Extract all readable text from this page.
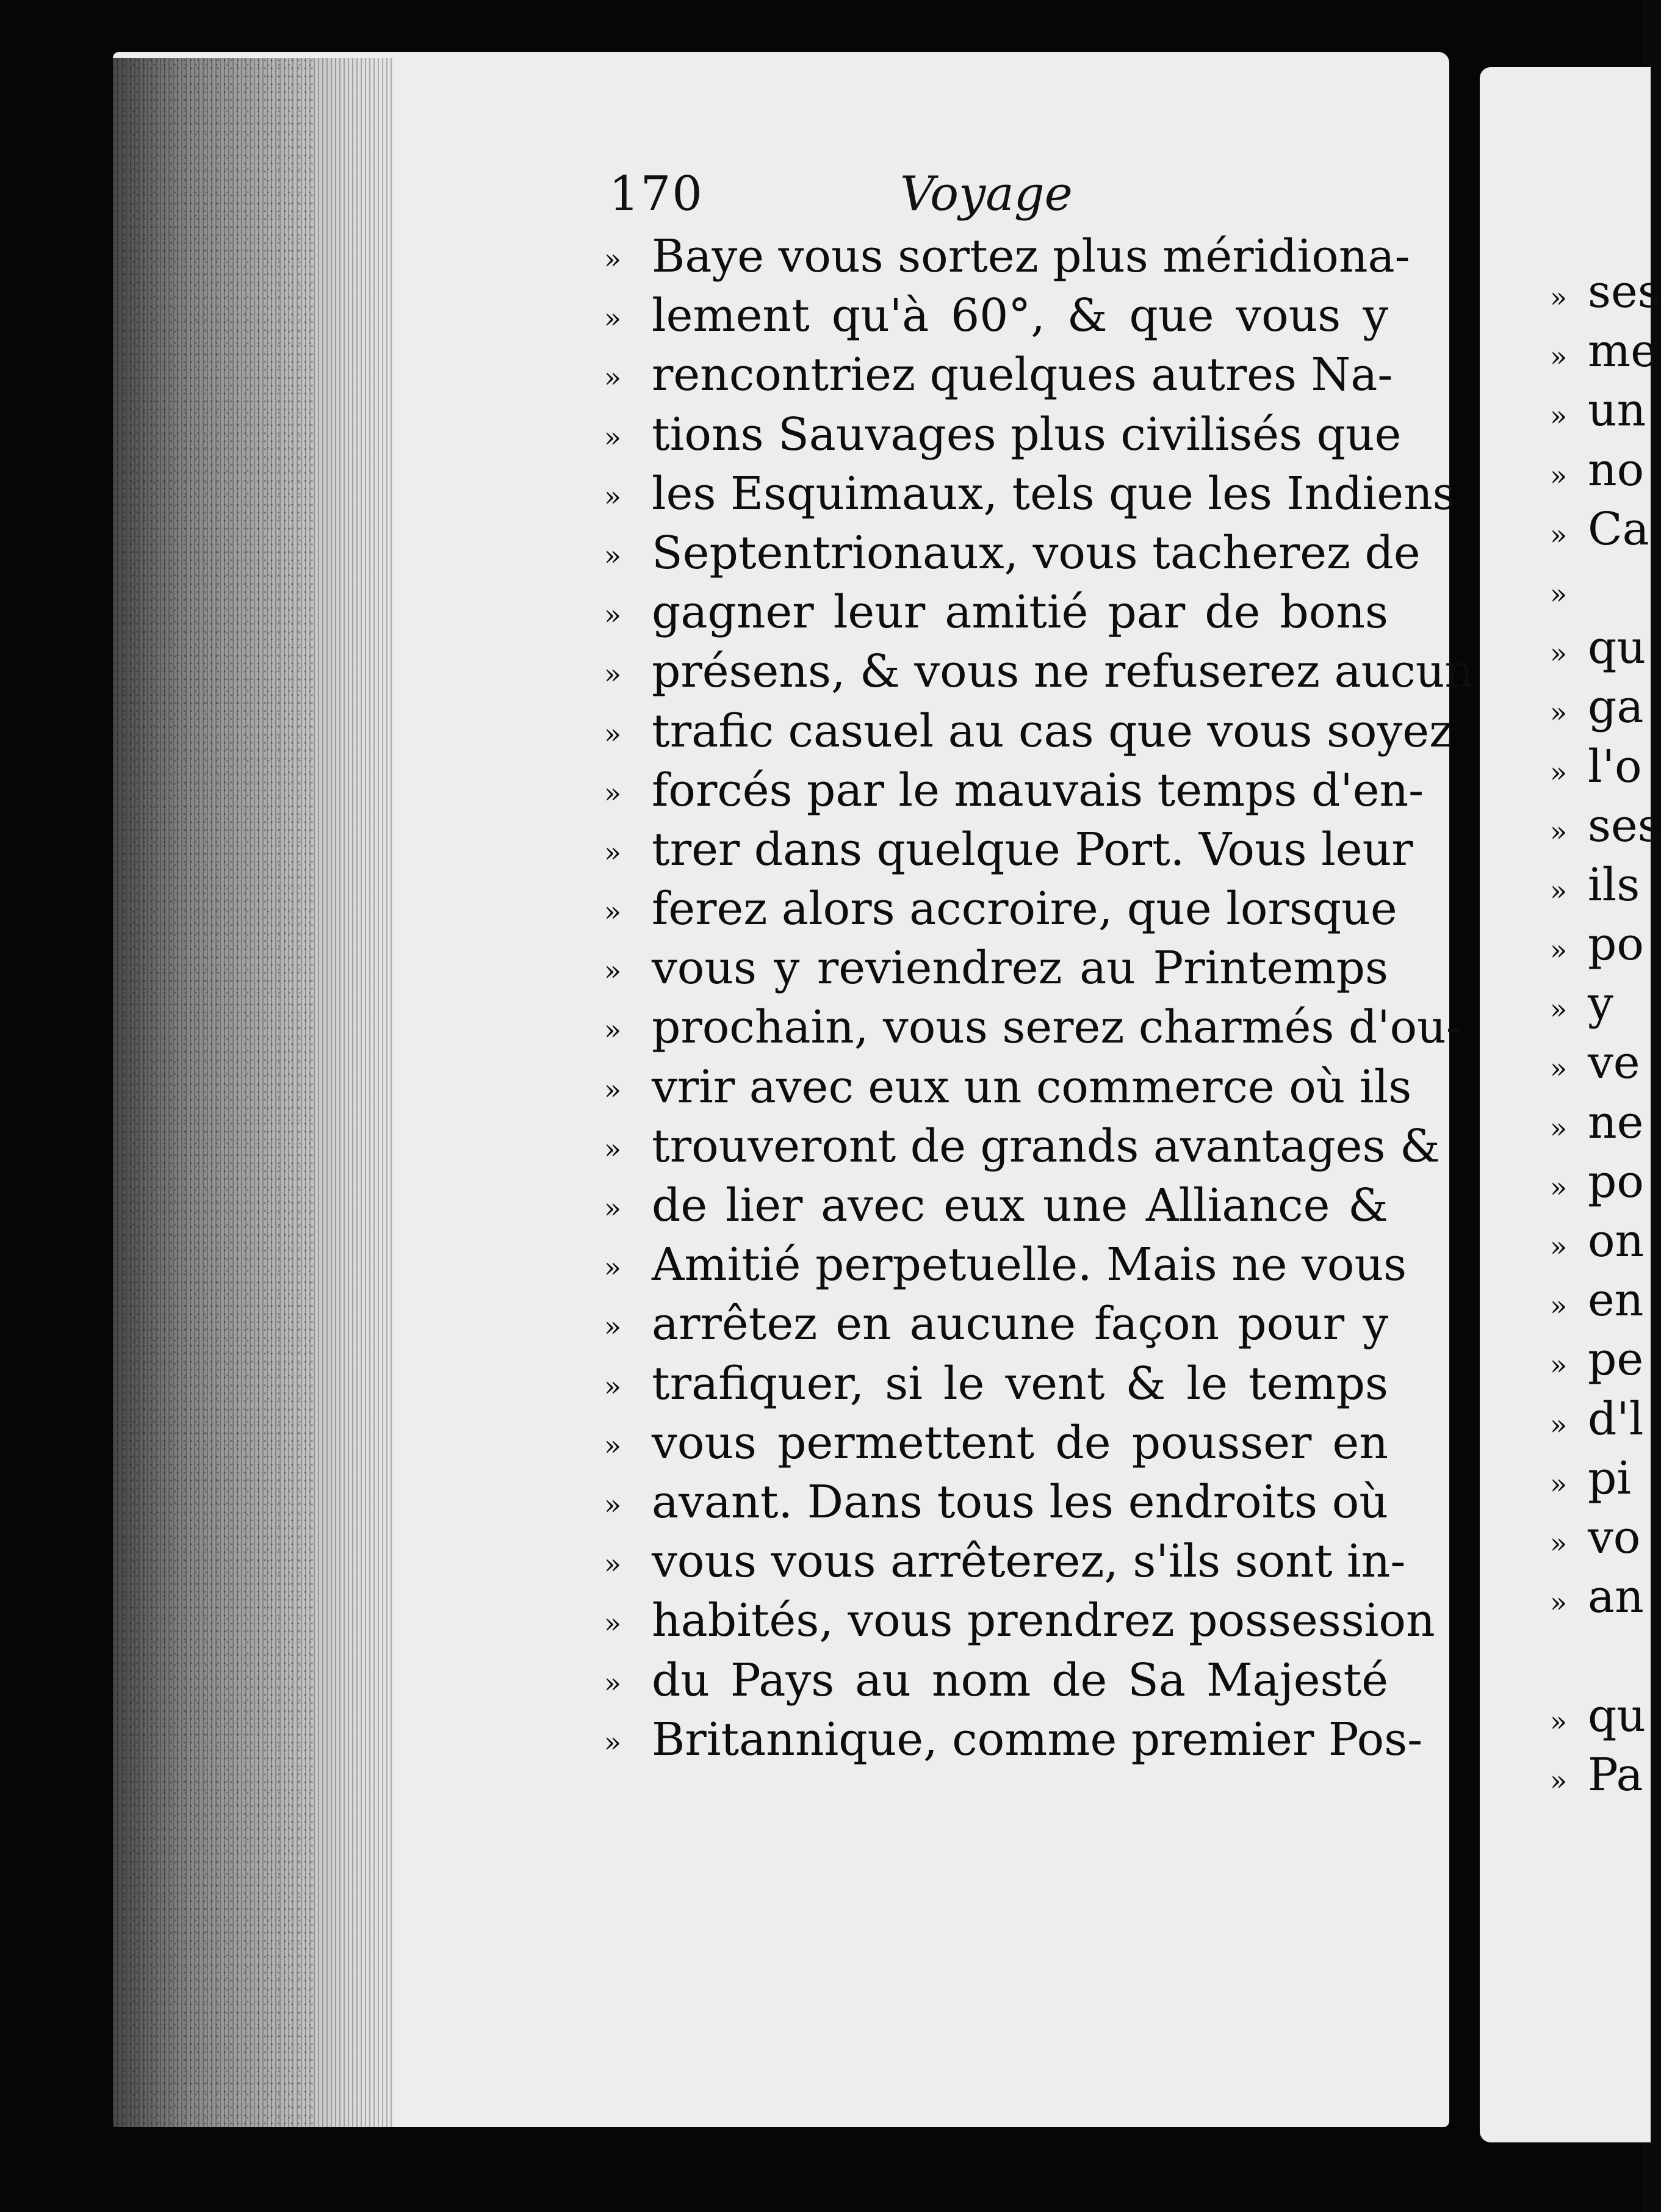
170	Voyage
» Baye vous sortez plus méridiona-
» lement qu'à 60°, & que vous y
» rencontriez quelques autres Na-
» tions Sauvages plus civilisés que
» les Esquimaux, tels que les Indiens
» Septentrionaux, vous tacherez de
» gagner leur amitié par de bons
» présens, & vous ne refuserez aucun
» trafic casuel au cas que vous soyez
» forcés par le mauvais temps d'en-
» trer dans quelque Port. Vous leur
» ferez alors accroire, que lorsque
» vous y reviendrez au Printemps
» prochain, vous serez charmés d'ou-
» vrir avec eux un commerce où ils
» trouveront de grands avantages &
» de lier avec eux une Alliance &
» Amitié perpetuelle. Mais ne vous
» arrêtez en aucune façon pour y
» trafiquer, si le vent & le temps
» vous permettent de pousser en
» avant. Dans tous les endroits où
» vous vous arrêterez, s'ils sont in-
» habités, vous prendrez possession
» du Pays au nom de Sa Majesté
» Britannique, comme premier Pos-
» ses
» me
» un
» no
» Ca
»
» qu
» ga
» l'o
» ses
» ils
» po
» y
» ve
» ne
» po
» on
» en
» pe
» d'l
» pi
» vo
» an
» qu
» Pa
